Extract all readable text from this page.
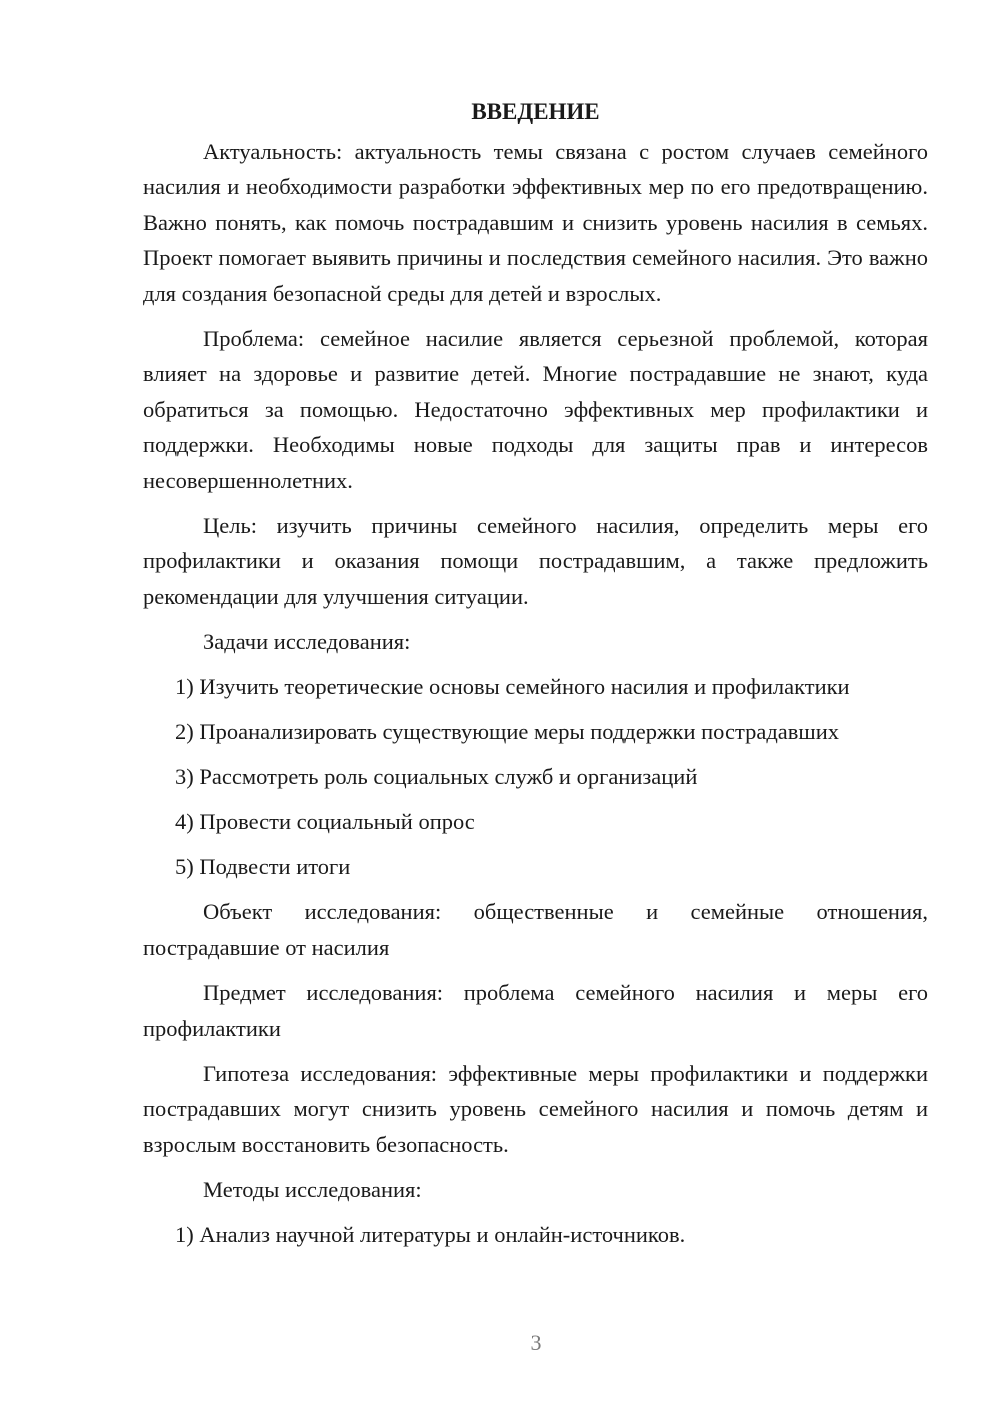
ВВЕДЕНИЕ

Актуальность: актуальность темы связана с ростом случаев семейного насилия и необходимости разработки эффективных мер по его предотвращению. Важно понять, как помочь пострадавшим и снизить уровень насилия в семьях. Проект помогает выявить причины и последствия семейного насилия. Это важно для создания безопасной среды для детей и взрослых.

Проблема: семейное насилие является серьезной проблемой, которая влияет на здоровье и развитие детей. Многие пострадавшие не знают, куда обратиться за помощью. Недостаточно эффективных мер профилактики и поддержки. Необходимы новые подходы для защиты прав и интересов несовершеннолетних.

Цель: изучить причины семейного насилия, определить меры его профилактики и оказания помощи пострадавшим, а также предложить рекомендации для улучшения ситуации.

Задачи исследования:
1) Изучить теоретические основы семейного насилия и профилактики
2) Проанализировать существующие меры поддержки пострадавших
3) Рассмотреть роль социальных служб и организаций
4) Провести социальный опрос
5) Подвести итоги

Объект исследования: общественные и семейные отношения, пострадавшие от насилия

Предмет исследования: проблема семейного насилия и меры его профилактики

Гипотеза исследования: эффективные меры профилактики и поддержки пострадавших могут снизить уровень семейного насилия и помочь детям и взрослым восстановить безопасность.

Методы исследования:
1) Анализ научной литературы и онлайн-источников.
3
